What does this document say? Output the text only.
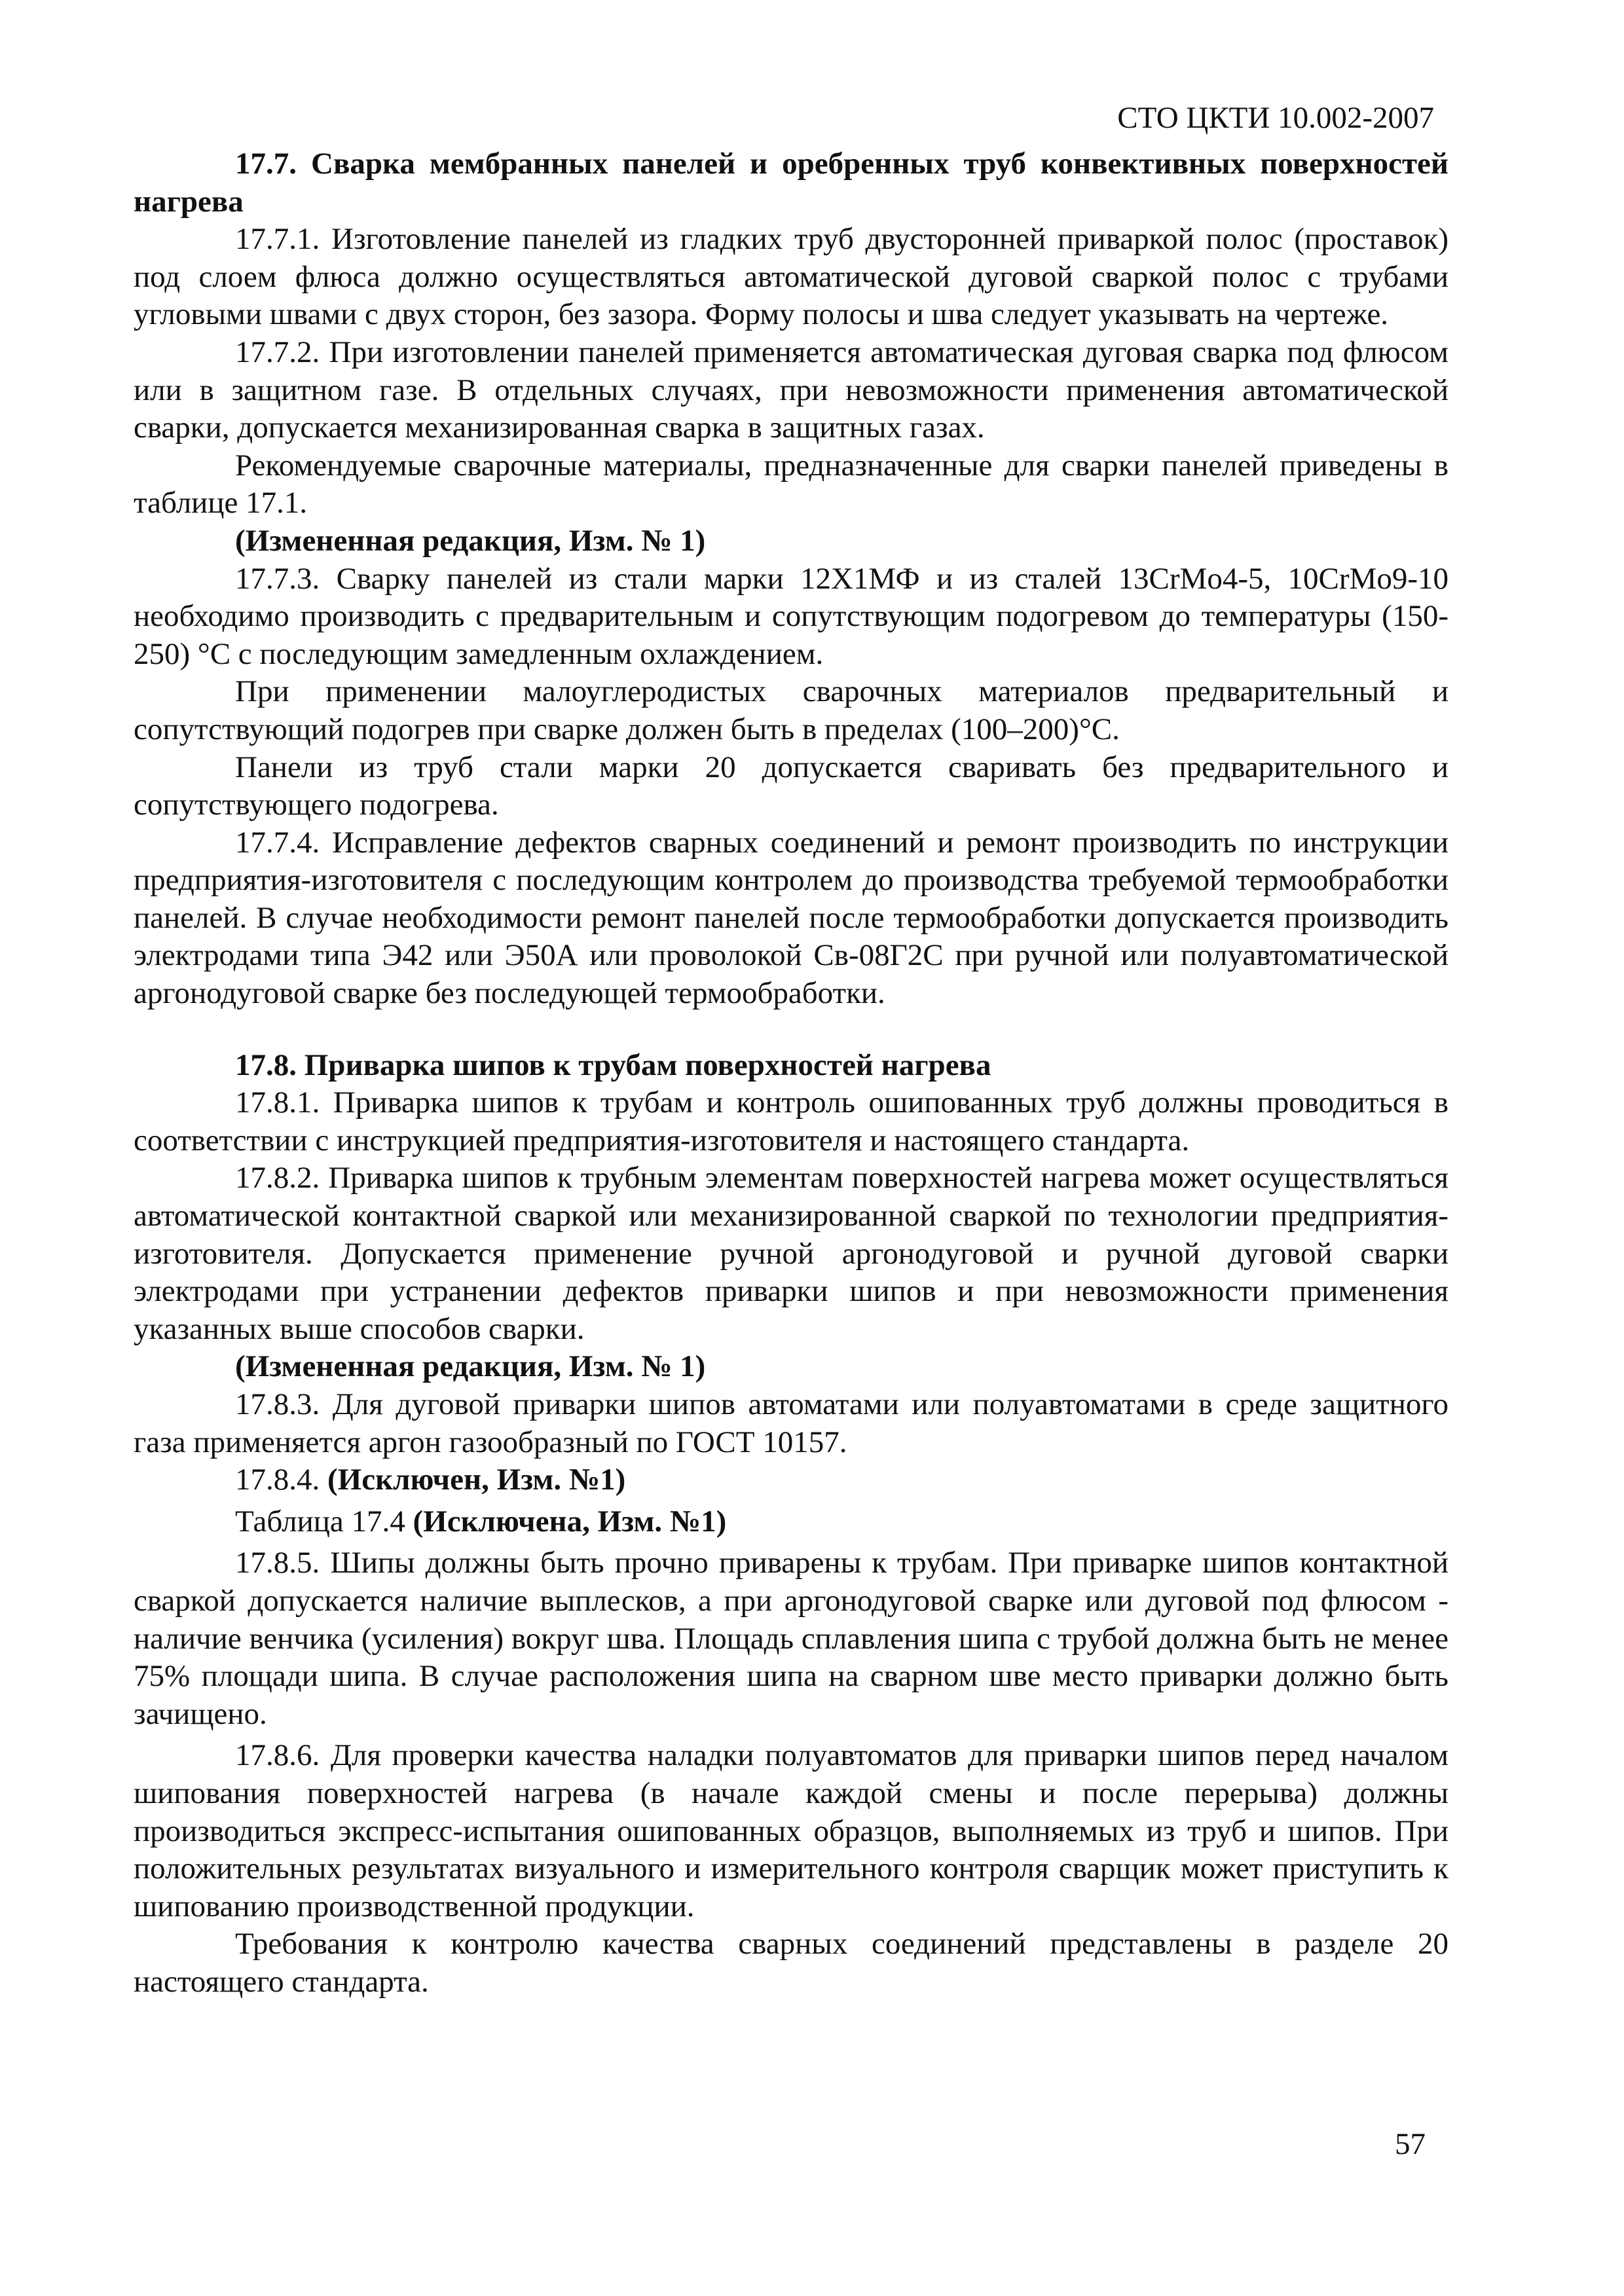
СТО ЦКТИ 10.002-2007

17.7. Сварка мембранных панелей и оребренных труб конвективных поверхностей нагрева

17.7.1. Изготовление панелей из гладких труб двусторонней приваркой полос (проставок) под слоем флюса должно осуществляться автоматической дуговой сваркой полос с трубами угловыми швами с двух сторон, без зазора. Форму полосы и шва следует указывать на чертеже.

17.7.2. При изготовлении панелей применяется автоматическая дуговая сварка под флюсом или в защитном газе. В отдельных случаях, при невозможности применения автоматической сварки, допускается механизированная сварка в защитных газах.

Рекомендуемые сварочные материалы, предназначенные для сварки панелей приведены в таблице 17.1.

(Измененная редакция, Изм. № 1)

17.7.3. Сварку панелей из стали марки 12Х1МФ и из сталей 13CrMo4-5, 10CrMo9-10 необходимо производить с предварительным и сопутствующим подогревом до температуры (150-250) °С с последующим замедленным охлаждением.

При применении малоуглеродистых сварочных материалов предварительный и сопутствующий подогрев при сварке должен быть в пределах (100–200)°С.

Панели из труб стали марки 20 допускается сваривать без предварительного и сопутствующего подогрева.

17.7.4. Исправление дефектов сварных соединений и ремонт производить по инструкции предприятия-изготовителя с последующим контролем до производства требуемой термообработки панелей. В случае необходимости ремонт панелей после термообработки допускается производить электродами типа Э42 или Э50А или проволокой Св-08Г2С при ручной или полуавтоматической аргонодуговой сварке без последующей термообработки.

17.8. Приварка шипов к трубам поверхностей нагрева

17.8.1. Приварка шипов к трубам и контроль ошипованных труб должны проводиться в соответствии с инструкцией предприятия-изготовителя и настоящего стандарта.

17.8.2. Приварка шипов к трубным элементам поверхностей нагрева может осуществляться автоматической контактной сваркой или механизированной сваркой по технологии предприятия-изготовителя. Допускается применение ручной аргонодуговой и ручной дуговой сварки электродами при устранении дефектов приварки шипов и при невозможности применения указанных выше способов сварки.

(Измененная редакция, Изм. № 1)

17.8.3. Для дуговой приварки шипов автоматами или полуавтоматами в среде защитного газа применяется аргон газообразный по ГОСТ 10157.

17.8.4. (Исключен, Изм. №1)

Таблица 17.4 (Исключена, Изм. №1)

17.8.5. Шипы должны быть прочно приварены к трубам. При приварке шипов контактной сваркой допускается наличие выплесков, а при аргонодуговой сварке или дуговой под флюсом - наличие венчика (усиления) вокруг шва. Площадь сплавления шипа с трубой должна быть не менее 75% площади шипа. В случае расположения шипа на сварном шве место приварки должно быть зачищено.

17.8.6. Для проверки качества наладки полуавтоматов для приварки шипов перед началом шипования поверхностей нагрева (в начале каждой смены и после перерыва) должны производиться экспресс-испытания ошипованных образцов, выполняемых из труб и шипов. При положительных результатах визуального и измерительного контроля сварщик может приступить к шипованию производственной продукции.

Требования к контролю качества сварных соединений представлены в разделе 20 настоящего стандарта.

57
